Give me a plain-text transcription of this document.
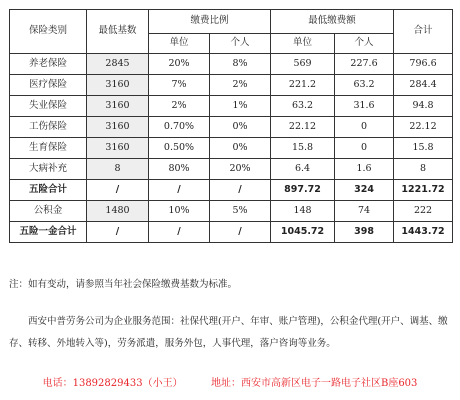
保险类别	最低基数	缴费比例		最低缴费额		合计
		单位	个人	单位	个人	
养老保险	2845	20%	8%	569	227.6	796.6
医疗保险	3160	7%	2%	221.2	63.2	284.4
失业保险	3160	2%	1%	63.2	31.6	94.8
工伤保险	3160	0.70%	0%	22.12	0	22.12
生育保险	3160	0.50%	0%	15.8	0	15.8
大病补充	8	80%	20%	6.4	1.6	8
五险合计	/	/	/	897.72	324	1221.72
公积金	1480	10%	5%	148	74	222
五险一金合计	/	/	/	1045.72	398	1443.72
注：如有变动，请参照当年社会保险缴费基数为标准。
西安中普劳务公司为企业服务范围：社保代理(开户、年审、账户管理)，公积金代理(开户、调基、缴存、转移、外地转入等)，劳务派遣，服务外包，人事代理，落户咨询等业务。
电话：13892829433（小王）	地址：西安市高新区电子一路电子社区B座603
